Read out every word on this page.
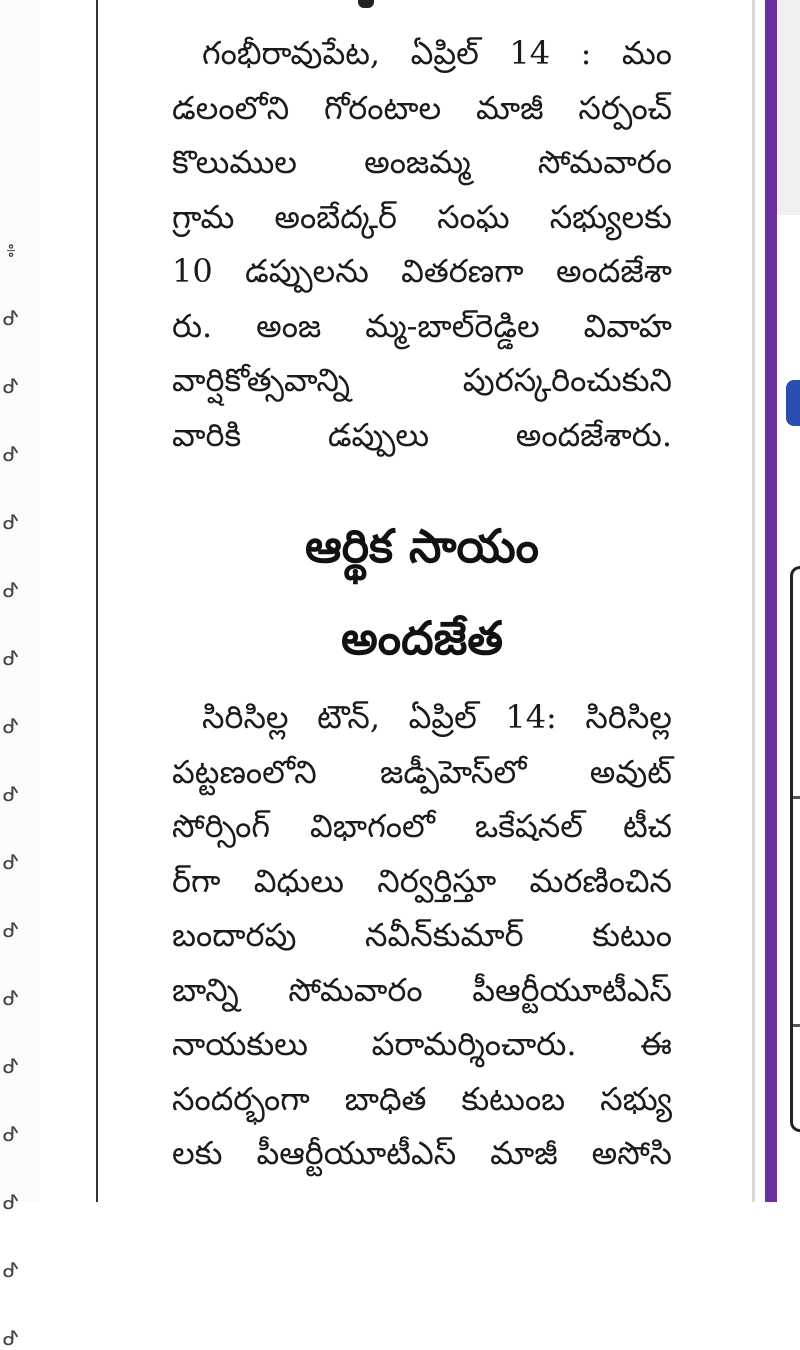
៖
ᕷ
ᕷ
ᕷ
ᕷ
ᕷ
ᕷ
ᕷ
ᕷ
ᕷ
ᕷ
ᕷ
ᕷ
ᕷ
ᕷ
ᕷ
ᕷ

గంభీరావుపేట, ఏప్రిల్ 14 : మం
డలంలోని గోరంటాల మాజీ సర్పంచ్
కొలుముల అంజమ్మ సోమవారం
గ్రామ అంబేద్కర్ సంఘ సభ్యులకు
10 డప్పులను వితరణగా అందజేశా
రు. అంజ మ్మ-బాల్‌రెడ్డిల వివాహ
వార్షికోత్సవాన్ని పురస్కరించుకుని
వారికి డప్పులు అందజేశారు.

ఆర్థిక సాయం
అందజేత

సిరిసిల్ల టౌన్, ఏప్రిల్ 14: సిరిసిల్ల
పట్టణంలోని జడ్పీహెస్‌లో అవుట్
సోర్సింగ్ విభాగంలో ఒకేషనల్ టీచ
ర్‌గా విధులు నిర్వర్తిస్తూ మరణించిన
బందారపు నవీన్‌కుమార్ కుటుం
బాన్ని సోమవారం పీఆర్టీయూటీఎస్
నాయకులు పరామర్శించారు. ఈ
సందర్భంగా బాధిత కుటుంబ సభ్యు
లకు పీఆర్టీయూటీఎస్ మాజీ అసోసి
